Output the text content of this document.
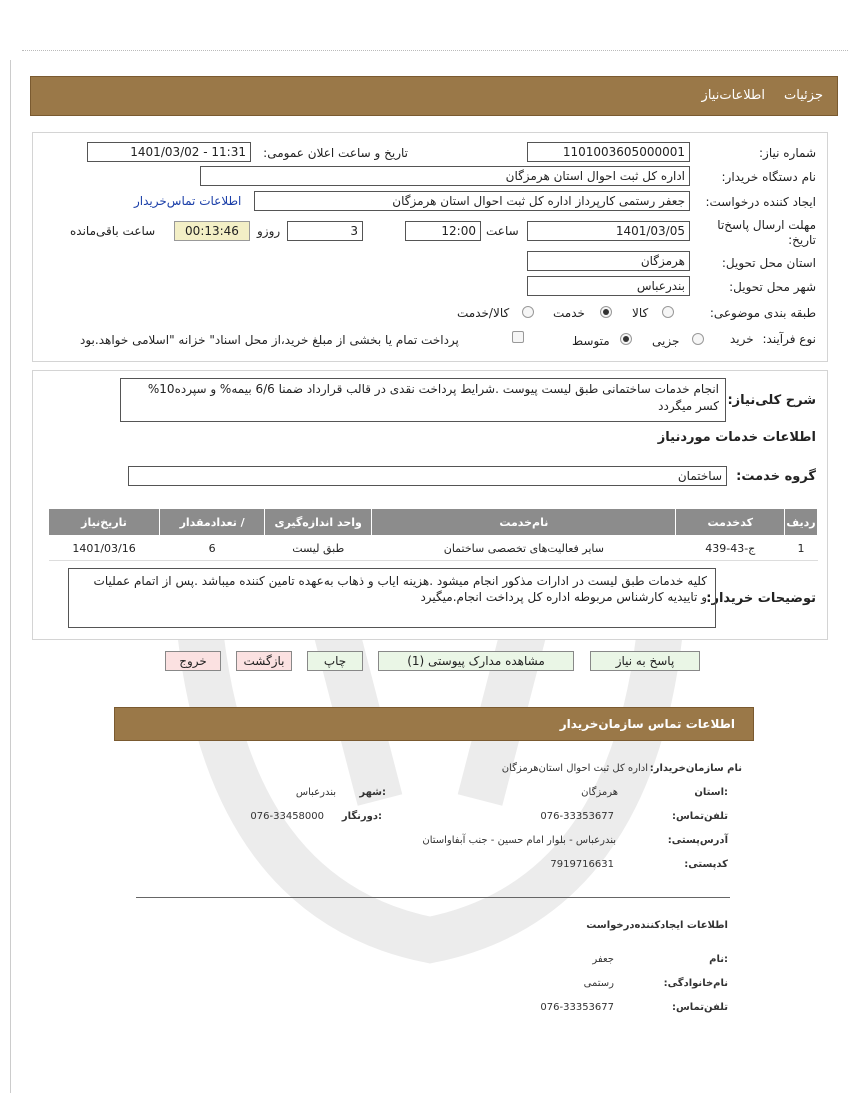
جزئیات
اطلاعات‌نیاز
شماره نیاز:
1101003605000001
تاریخ و ساعت اعلان عمومی:
1401/03/02 - 11:31
نام دستگاه خریدار:
اداره کل ثبت احوال استان هرمزگان
ایجاد کننده درخواست:
جعفر رستمی کارپرداز اداره کل ثبت احوال استان هرمزگان
اطلاعات تماس‌خریدار
مهلت ارسال پاسخ‌تا تاریخ:
1401/03/05
ساعت
12:00
3
روزو
00:13:46
ساعت باقی‌مانده
استان محل تحویل:
هرمزگان
شهر محل تحویل:
بندرعباس
طبقه بندی موضوعی:
کالا
خدمت
کالا/خدمت
نوع فرآیند:
خرید
جزیی
متوسط
پرداخت تمام یا بخشی از مبلغ خرید،از محل اسناد" خزانه "اسلامی خواهد.بود
شرح کلی‌نیاز:
انجام خدمات ساختمانی طبق لیست پیوست .شرایط پرداخت نقدی در قالب قرارداد ضمنا 6/6 بیمه% و سپرده10% کسر میگردد
اطلاعات خدمات موردنیاز
گروه خدمت:
ساختمان
ردیف	کدخدمت	نام‌خدمت	واحد اندازه‌گیری	/ تعدادمقدار	تاریخ‌نیاز
1	ج-43-439	سایر فعالیت‌های تخصصی ساختمان	طبق لیست	6	1401/03/16
توضیحات خریدار:
کلیه خدمات طبق لیست در ادارات مذکور انجام میشود .هزینه اياب و ذهاب به‌عهده تامین کننده میباشد .پس از اتمام عملیات
و تاییدیه کارشناس مربوطه اداره کل پرداخت انجام.میگیرد
پاسخ به نیاز
مشاهده مدارک پیوستی (1)
چاپ
بازگشت
خروج
اطلاعات تماس سازمان‌خریدار
نام سازمان‌خریدار:
اداره کل ثبت احوال استان‌هرمزگان
:استان
هرمزگان
:شهر
بندرعباس
تلفن‌تماس:
076-33353677
:دورنگار
076-33458000
آدرس‌پستی:
بندرعباس - بلوار امام حسین - جنب آبفاواستان
کدپستی:
7919716631
اطلاعات ایجادکننده‌درخواست
:نام
جعفر
نام‌خانوادگی:
رستمی
تلفن‌تماس:
076-33353677
